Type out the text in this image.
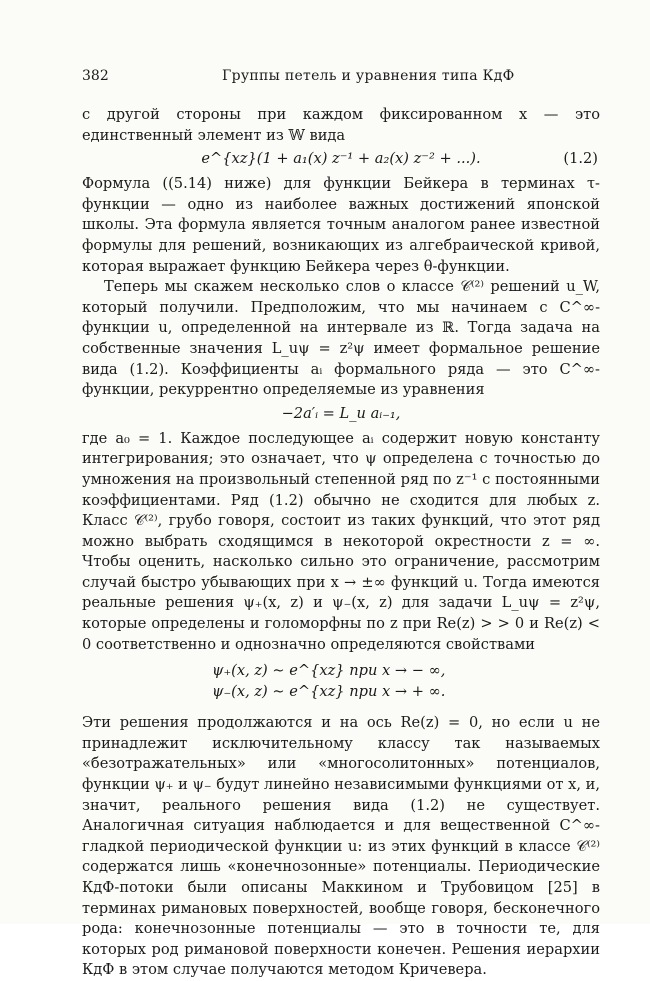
382	Группы петель и уравнения типа КдФ

с другой стороны при каждом фиксированном x — это единственный элемент из 𝕎 вида

e^{xz}(1 + a₁(x) z⁻¹ + a₂(x) z⁻² + ...).	(1.2)

Формула ((5.14) ниже) для функции Бейкера в терминах τ-функции — одно из наиболее важных достижений японской школы. Эта формула является точным аналогом ранее известной формулы для решений, возникающих из алгебраической кривой, которая выражает функцию Бейкера через θ-функции.

Теперь мы скажем несколько слов о классе 𝒞⁽²⁾ решений u_W, который получили. Предположим, что мы начинаем с C^∞-функции u, определенной на интервале из ℝ. Тогда задача на собственные значения L_uψ = z²ψ имеет формальное решение вида (1.2). Коэффициенты aᵢ формального ряда — это C^∞-функции, рекуррентно определяемые из уравнения

−2a′ᵢ = L_u aᵢ₋₁,

где a₀ = 1. Каждое последующее aᵢ содержит новую константу интегрирования; это означает, что ψ определена с точностью до умножения на произвольный степенной ряд по z⁻¹ с постоянными коэффициентами. Ряд (1.2) обычно не сходится для любых z. Класс 𝒞⁽²⁾, грубо говоря, состоит из таких функций, что этот ряд можно выбрать сходящимся в некоторой окрестности z = ∞. Чтобы оценить, насколько сильно это ограничение, рассмотрим случай быстро убывающих при x → ±∞ функций u. Тогда имеются реальные решения ψ₊(x, z) и ψ₋(x, z) для задачи L_uψ = z²ψ, которые определены и голоморфны по z при Re(z) > > 0 и Re(z) < 0 соответственно и однозначно определяются свойствами

ψ₊(x, z) ∼ e^{xz} при x → − ∞,
ψ₋(x, z) ∼ e^{xz} при x → + ∞.

Эти решения продолжаются и на ось Re(z) = 0, но если u не принадлежит исключительному классу так называемых «безотражательных» или «многосолитонных» потенциалов, функции ψ₊ и ψ₋ будут линейно независимыми функциями от x, и, значит, реального решения вида (1.2) не существует. Аналогичная ситуация наблюдается и для вещественной C^∞-гладкой периодической функции u: из этих функций в классе 𝒞⁽²⁾ содержатся лишь «конечнозонные» потенциалы. Периодические КдФ-потоки были описаны Маккином и Трубовицом [25] в терминах римановых поверхностей, вообще говоря, бесконечного рода: конечнозонные потенциалы — это в точности те, для которых род римановой поверхности конечен. Решения иерархии КдФ в этом случае получаются методом Кричевера.
